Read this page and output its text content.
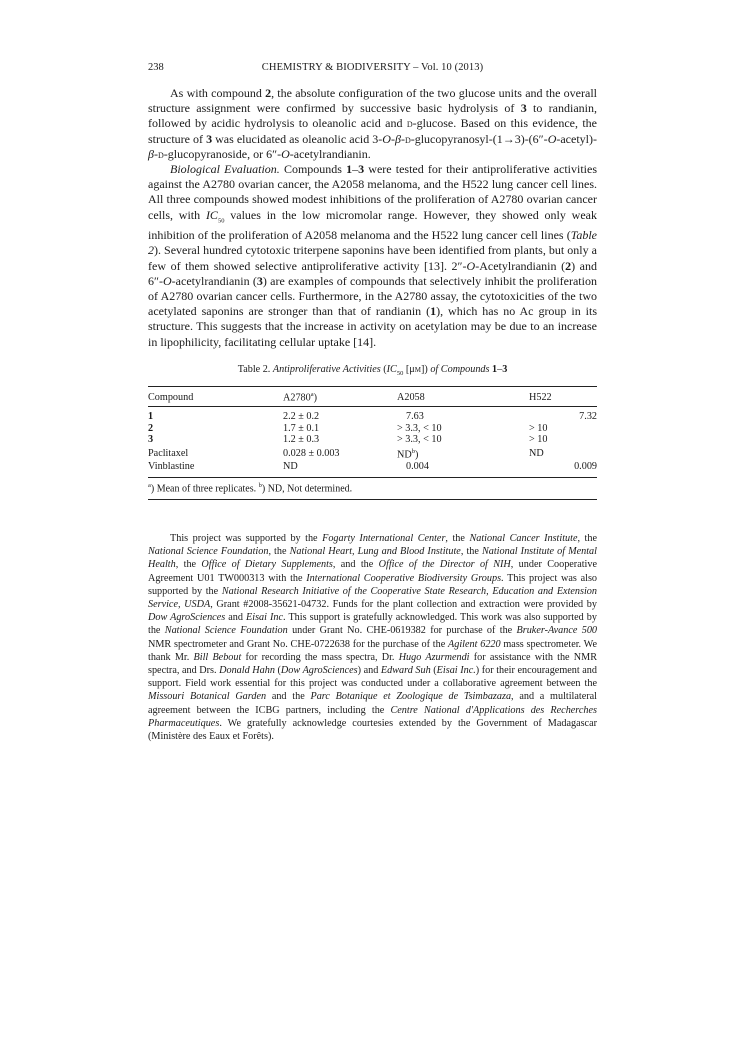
238	CHEMISTRY & BIODIVERSITY – Vol. 10 (2013)

As with compound 2, the absolute configuration of the two glucose units and the overall structure assignment were confirmed by successive basic hydrolysis of 3 to randianin, followed by acidic hydrolysis to oleanolic acid and d-glucose. Based on this evidence, the structure of 3 was elucidated as oleanolic acid 3-O-β-d-glucopyranosyl-(1→3)-(6″-O-acetyl)-β-d-glucopyranoside, or 6″-O-acetylrandianin.

Biological Evaluation. Compounds 1–3 were tested for their antiproliferative activities against the A2780 ovarian cancer, the A2058 melanoma, and the H522 lung cancer cell lines. All three compounds showed modest inhibitions of the proliferation of A2780 ovarian cancer cells, with $IC_{50}$ values in the low micromolar range. However, they showed only weak inhibition of the proliferation of A2058 melanoma and the H522 lung cancer cell lines (Table 2). Several hundred cytotoxic triterpene saponins have been identified from plants, but only a few of them showed selective antiproliferative activity [13]. 2″-O-Acetylrandianin (2) and 6″-O-acetylrandianin (3) are examples of compounds that selectively inhibit the proliferation of A2780 ovarian cancer cells. Furthermore, in the A2780 assay, the cytotoxicities of the two acetylated saponins are stronger than that of randianin (1), which has no Ac group in its structure. This suggests that the increase in activity on acetylation may be due to an increase in lipophilicity, facilitating cellular uptake [14].

Table 2. Antiproliferative Activities ($IC_{50}$ [μm]) of Compounds 1–3
Compound	A2780$^a$)	A2058	H522
1	2.2 ± 0.2	7.63	7.32
2	1.7 ± 0.1	> 3.3, < 10	> 10
3	1.2 ± 0.3	> 3.3, < 10	> 10
Paclitaxel	0.028 ± 0.003	$ND^b$)	ND
Vinblastine	ND	0.004	0.009
$^a$) Mean of three replicates. $^b$) ND, Not determined.

This project was supported by the Fogarty International Center, the National Cancer Institute, the National Science Foundation, the National Heart, Lung and Blood Institute, the National Institute of Mental Health, the Office of Dietary Supplements, and the Office of the Director of NIH, under Cooperative Agreement U01 TW000313 with the International Cooperative Biodiversity Groups. This project was also supported by the National Research Initiative of the Cooperative State Research, Education and Extension Service, USDA, Grant #2008-35621-04732. Funds for the plant collection and extraction were provided by Dow AgroSciences and Eisai Inc. This support is gratefully acknowledged. This work was also supported by the National Science Foundation under Grant No. CHE-0619382 for purchase of the Bruker-Avance 500 NMR spectrometer and Grant No. CHE-0722638 for the purchase of the Agilent 6220 mass spectrometer. We thank Mr. Bill Bebout for recording the mass spectra, Dr. Hugo Azurmendi for assistance with the NMR spectra, and Drs. Donald Hahn (Dow AgroSciences) and Edward Suh (Eisai Inc.) for their encouragement and support. Field work essential for this project was conducted under a collaborative agreement between the Missouri Botanical Garden and the Parc Botanique et Zoologique de Tsimbazaza, and a multilateral agreement between the ICBG partners, including the Centre National d'Applications des Recherches Pharmaceutiques. We gratefully acknowledge courtesies extended by the Government of Madagascar (Ministère des Eaux et Forêts).
